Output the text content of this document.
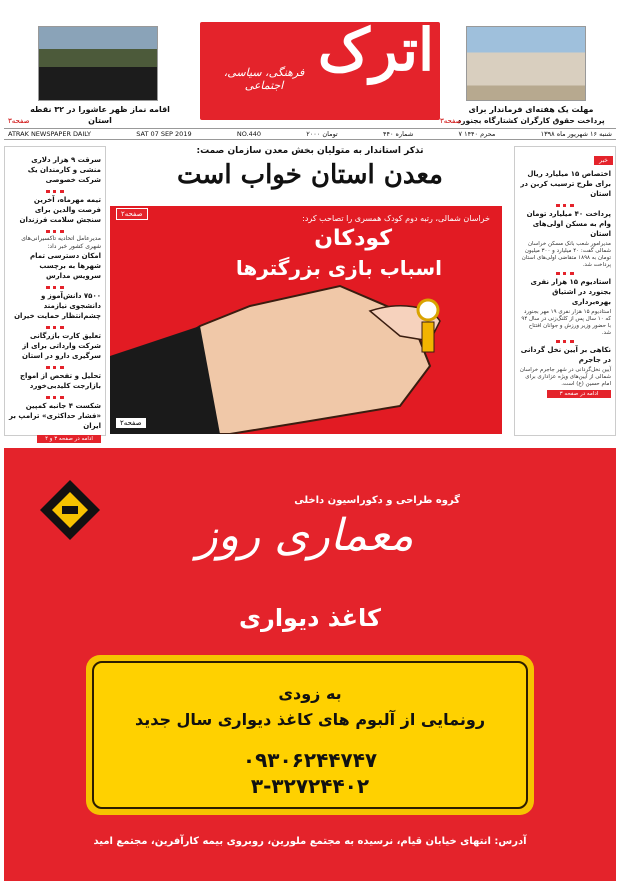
اقامه نماز ظهر عاشورا در ۳۲ نقطه استان
صفحه۳
اترک
فرهنگی، سیاسی، اجتماعی
مهلت یک هفته‌ای فرماندار برای
پرداخت حقوق کارگران کشتارگاه بجنورد
صفحه۳
ATRAK NEWSPAPER DAILY	SAT 07 SEP 2019	NO.440	۲۰۰۰ تومان	شماره ۴۴۰	۷ محرم ۱۴۴۰	شنبه ۱۶ شهریور ماه ۱۳۹۸
سرقت ۹ هزار دلاری منشی و کارمندان یک شرکت خصوصی
تیمه مهرماه، آخرین فرصت والدین برای سنجش سلامت فرزندان
مدیرعامل اتحادیه تاکسیرانی‌های شهری کشور خبر داد:
امکان دسترسی تمام شهرها به برچسب سرویس مدارس
۷۵۰۰ دانش‌آموز و دانشجوی نیازمند چشم‌انتظار حمایت خیران
تعلیق کارت بازرگانی شرکت وارداتی برای از سرگیری دارو در استان
تحلیل و تفحص از امواج بازارجت کلیدبی‌خورد
شکست ۴ جانبه کمپین «فشار حداکثری» ترامپ بر ایران
ادامه در صفحه ۳ و ۴
تذکر استاندار به متولیان بخش معدن سازمان صمت:
معدن استان خواب است
خراسان شمالی، رتبه دوم کودک همسری را تصاحب کرد:
کودکان
اسباب بازی بزرگترها
صفحه۲
صفحه۲
خبر
اختصاص ۱۵ میلیارد ریال برای طرح ترسیب کربن در استان
پرداخت ۴۰ میلیارد تومان وام به مسکن اولی‌های استان
مدیرامور شعب بانک مسکن خراسان شمالی گفت: ۴۰ میلیارد و ۳۰۰ میلیون تومان به ۱۸۹۸ متقاضی اولی‌های استان پرداخت شد.
استادیوم ۱۵ هزار نفری بجنورد در اشتیاق بهره‌برداری
استادیوم ۱۵ هزار نفری ۱۹ مهر بجنورد که ۱۰ سال پس از کلنگ‌زنی در سال ۹۴ با حضور وزیر ورزش و جوانان افتتاح شد.
نکاهی بر آیین نخل گردانی در جاجرم
آیین نخل‌گردانی در شهر جاجرم خراسان شمالی از آیین‌های ویژه عزاداری برای امام حسین (ع) است.
ادامه در صفحه ۳
گروه طراحی و دکوراسیون داخلی
معماری روز
کاغذ دیواری
به زودی
رونمایی از آلبوم های کاغذ دیواری سال جدید
۰۹۳۰۶۲۴۴۷۴۷
۳-۳۲۷۲۴۴۰۲
آدرس: انتهای خیابان قیام، نرسیده به مجتمع ملورین، روبروی بیمه کارآفرین، مجتمع امید
